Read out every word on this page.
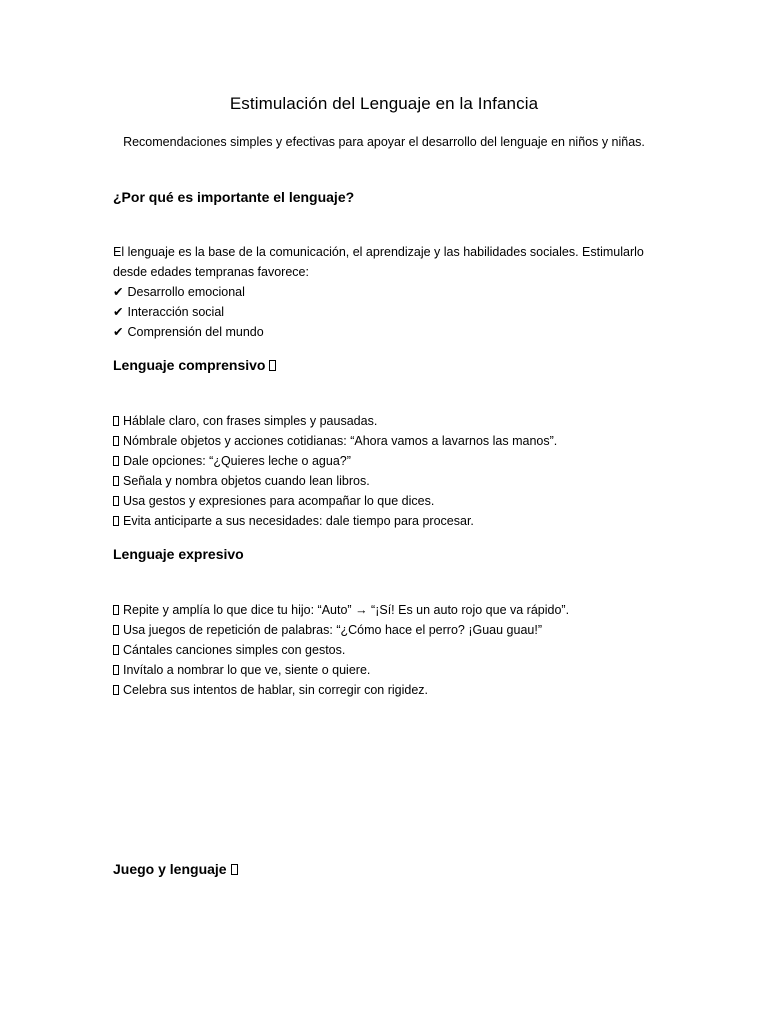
Estimulación del Lenguaje en la Infancia

Recomendaciones simples y efectivas para apoyar el desarrollo del lenguaje en niños y niñas.

¿Por qué es importante el lenguaje?
El lenguaje es la base de la comunicación, el aprendizaje y las habilidades sociales. Estimularlo
desde edades tempranas favorece:
✔ Desarrollo emocional
✔ Interacción social
✔ Comprensión del mundo
Lenguaje comprensivo
Háblale claro, con frases simples y pausadas.
Nómbrale objetos y acciones cotidianas: “Ahora vamos a lavarnos las manos”.
Dale opciones: “¿Quieres leche o agua?”
Señala y nombra objetos cuando lean libros.
Usa gestos y expresiones para acompañar lo que dices.
Evita anticiparte a sus necesidades: dale tiempo para procesar.
Lenguaje expresivo
Repite y amplía lo que dice tu hijo: “Auto” → “¡Sí! Es un auto rojo que va rápido”.
Usa juegos de repetición de palabras: “¿Cómo hace el perro? ¡Guau guau!”
Cántales canciones simples con gestos.
Invítalo a nombrar lo que ve, siente o quiere.
Celebra sus intentos de hablar, sin corregir con rigidez.
Juego y lenguaje
